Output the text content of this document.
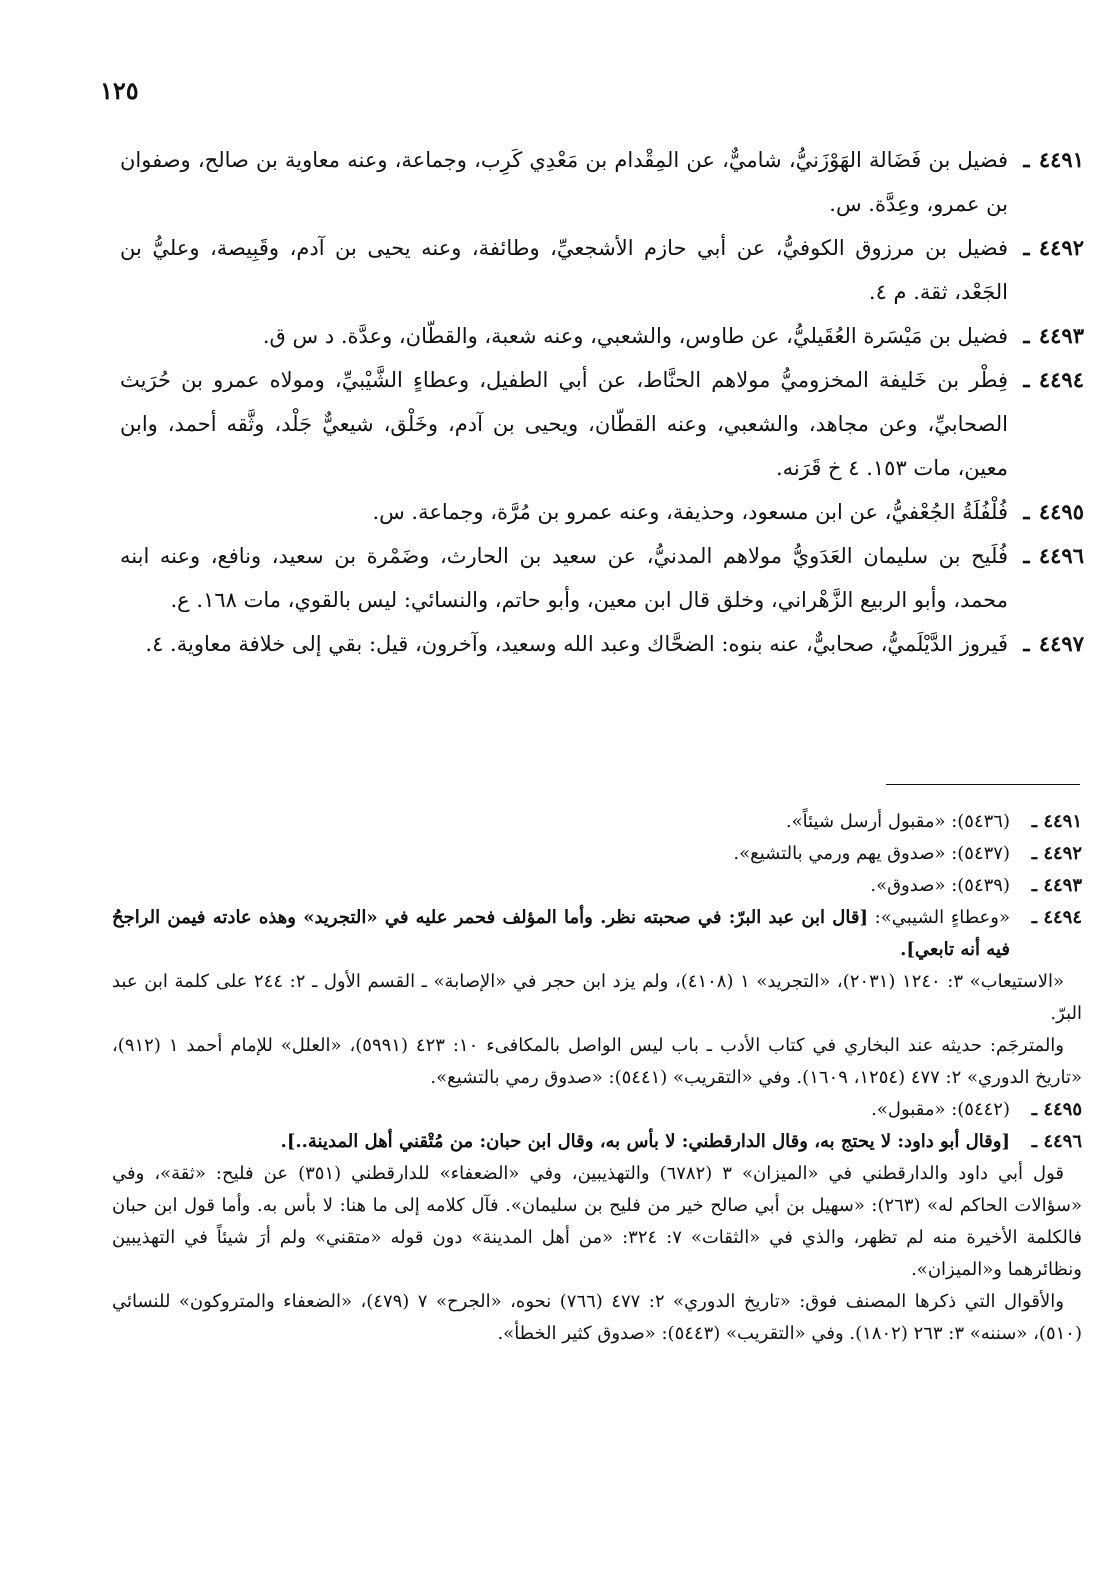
١٢٥
٤٤٩١ ـ
فضيل بن فَضَالة الهَوْزَنيُّ، شاميٌّ، عن المِقْدام بن مَعْدِي كَرِب، وجماعة، وعنه معاوية بن صالح، وصفوان بن عمرو، وعِدَّة. س.
٤٤٩٢ ـ
فضيل بن مرزوق الكوفيُّ، عن أبي حازم الأشجعيِّ، وطائفة، وعنه يحيى بن آدم، وقَبِيصة، وعليُّ بن الجَعْد، ثقة. م ٤.
٤٤٩٣ ـ
فضيل بن مَيْسَرة العُقَيليُّ، عن طاوس، والشعبي، وعنه شعبة، والقطّان، وعدَّة. د س ق.
٤٤٩٤ ـ
فِطْر بن خَليفة المخزوميُّ مولاهم الحنَّاط، عن أبي الطفيل، وعطاءٍ الشَّيْبيِّ، ومولاه عمرو بن حُرَيث الصحابيِّ، وعن مجاهد، والشعبي، وعنه القطّان، ويحيى بن آدم، وخَلْق، شيعيٌّ جَلْد، وثَّقه أحمد، وابن معين، مات ١٥٣. ٤ خ قَرَنه.
٤٤٩٥ ـ
فُلْفُلَةُ الجُعْفيُّ، عن ابن مسعود، وحذيفة، وعنه عمرو بن مُرَّة، وجماعة. س.
٤٤٩٦ ـ
فُلَيح بن سليمان العَدَويُّ مولاهم المدنيُّ، عن سعيد بن الحارث، وضَمْرة بن سعيد، ونافع، وعنه ابنه محمد، وأبو الربيع الزَّهْراني، وخلق قال ابن معين، وأبو حاتم، والنسائي: ليس بالقوي، مات ١٦٨. ع.
٤٤٩٧ ـ
فَيروز الدَّيْلَميُّ، صحابيٌّ، عنه بنوه: الضحَّاك وعبد الله وسعيد، وآخرون، قيل: بقي إلى خلافة معاوية. ٤.
٤٤٩١ ـ
(٥٤٣٦): «مقبول أرسل شيئاً».
٤٤٩٢ ـ
(٥٤٣٧): «صدوق يهم ورمي بالتشيع».
٤٤٩٣ ـ
(٥٤٣٩): «صدوق».
٤٤٩٤ ـ
«وعطاءٍ الشيبي»: [قال ابن عبد البرّ: في صحبته نظر. وأما المؤلف فحمر عليه في «التجريد» وهذه عادته فيمن الراجحُ فيه أنه تابعي].
«الاستيعاب» ٣: ١٢٤٠ (٢٠٣١)، «التجريد» ١ (٤١٠٨)، ولم يزد ابن حجر في «الإصابة» ـ القسم الأول ـ ٢: ٢٤٤ على كلمة ابن عبد البرّ.
والمترجَم: حديثه عند البخاري في كتاب الأدب ـ باب ليس الواصل بالمكافىء ١٠: ٤٢٣ (٥٩٩١)، «العلل» للإمام أحمد ١ (٩١٢)، «تاريخ الدوري» ٢: ٤٧٧ (١٢٥٤، ١٦٠٩). وفي «التقريب» (٥٤٤١): «صدوق رمي بالتشيع».
٤٤٩٥ ـ
(٥٤٤٢): «مقبول».
٤٤٩٦ ـ
[وقال أبو داود: لا يحتج به، وقال الدارقطني: لا بأس به، وقال ابن حبان: من مُتْقني أهل المدينة..].
قول أبي داود والدارقطني في «الميزان» ٣ (٦٧٨٢) والتهذيبين، وفي «الضعفاء» للدارقطني (٣٥١) عن فليح: «ثقة»، وفي «سؤالات الحاكم له» (٢٦٣): «سهيل بن أبي صالح خير من فليح بن سليمان». فآل كلامه إلى ما هنا: لا بأس به. وأما قول ابن حبان فالكلمة الأخيرة منه لم تظهر، والذي في «الثقات» ٧: ٣٢٤: «من أهل المدينة» دون قوله «متقني» ولم أرَ شيئاً في التهذيبين ونظائرهما و«الميزان».
والأقوال التي ذكرها المصنف فوق: «تاريخ الدوري» ٢: ٤٧٧ (٧٦٦) نحوه، «الجرح» ٧ (٤٧٩)، «الضعفاء والمتروكون» للنسائي (٥١٠)، «سننه» ٣: ٢٦٣ (١٨٠٢). وفي «التقريب» (٥٤٤٣): «صدوق كثير الخطأ».
